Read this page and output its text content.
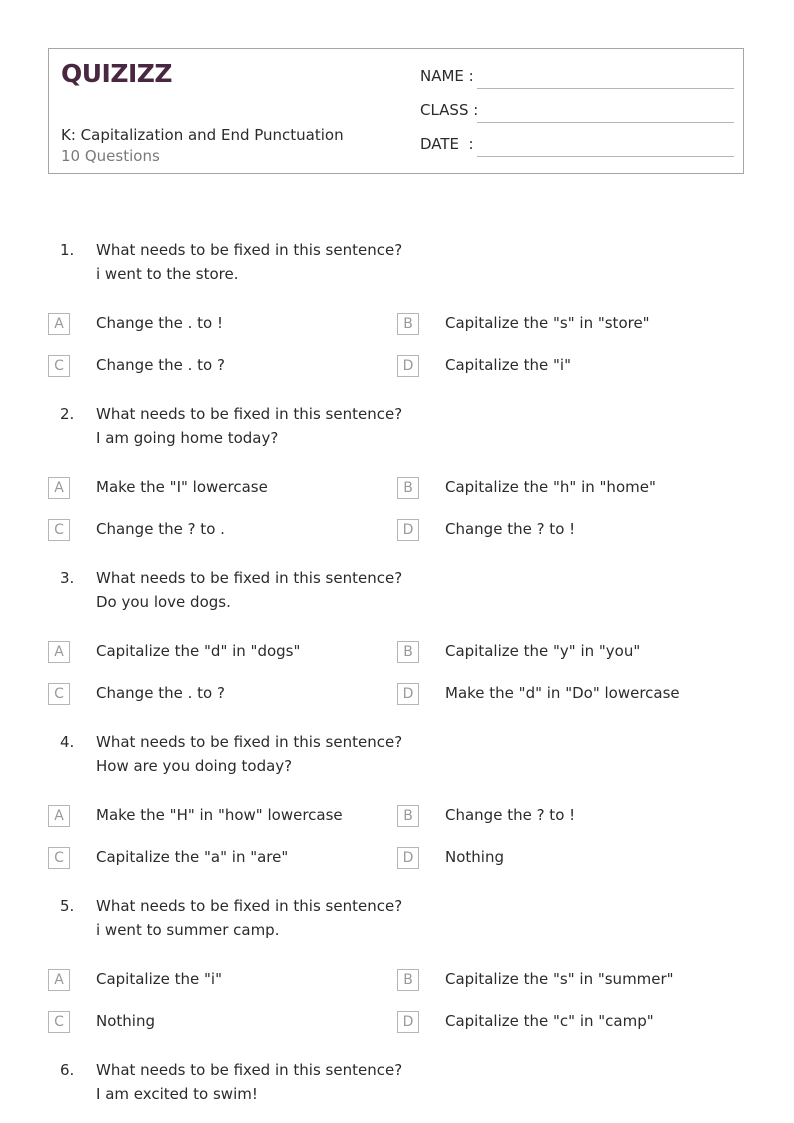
QUIZIZZ
K: Capitalization and End Punctuation
10 Questions
NAME :
CLASS :
DATE  :
1. What needs to be fixed in this sentence?
i went to the store.
A	Change the . to !	B	Capitalize the "s" in "store"
C	Change the . to ?	D	Capitalize the "i"
2. What needs to be fixed in this sentence?
I am going home today?
A	Make the "I" lowercase	B	Capitalize the "h" in "home"
C	Change the ? to .	D	Change the ? to !
3. What needs to be fixed in this sentence?
Do you love dogs.
A	Capitalize the "d" in "dogs"	B	Capitalize the "y" in "you"
C	Change the . to ?	D	Make the "d" in "Do" lowercase
4. What needs to be fixed in this sentence?
How are you doing today?
A	Make the "H" in "how" lowercase	B	Change the ? to !
C	Capitalize the "a" in "are"	D	Nothing
5. What needs to be fixed in this sentence?
i went to summer camp.
A	Capitalize the "i"	B	Capitalize the "s" in "summer"
C	Nothing	D	Capitalize the "c" in "camp"
6. What needs to be fixed in this sentence?
I am excited to swim!
